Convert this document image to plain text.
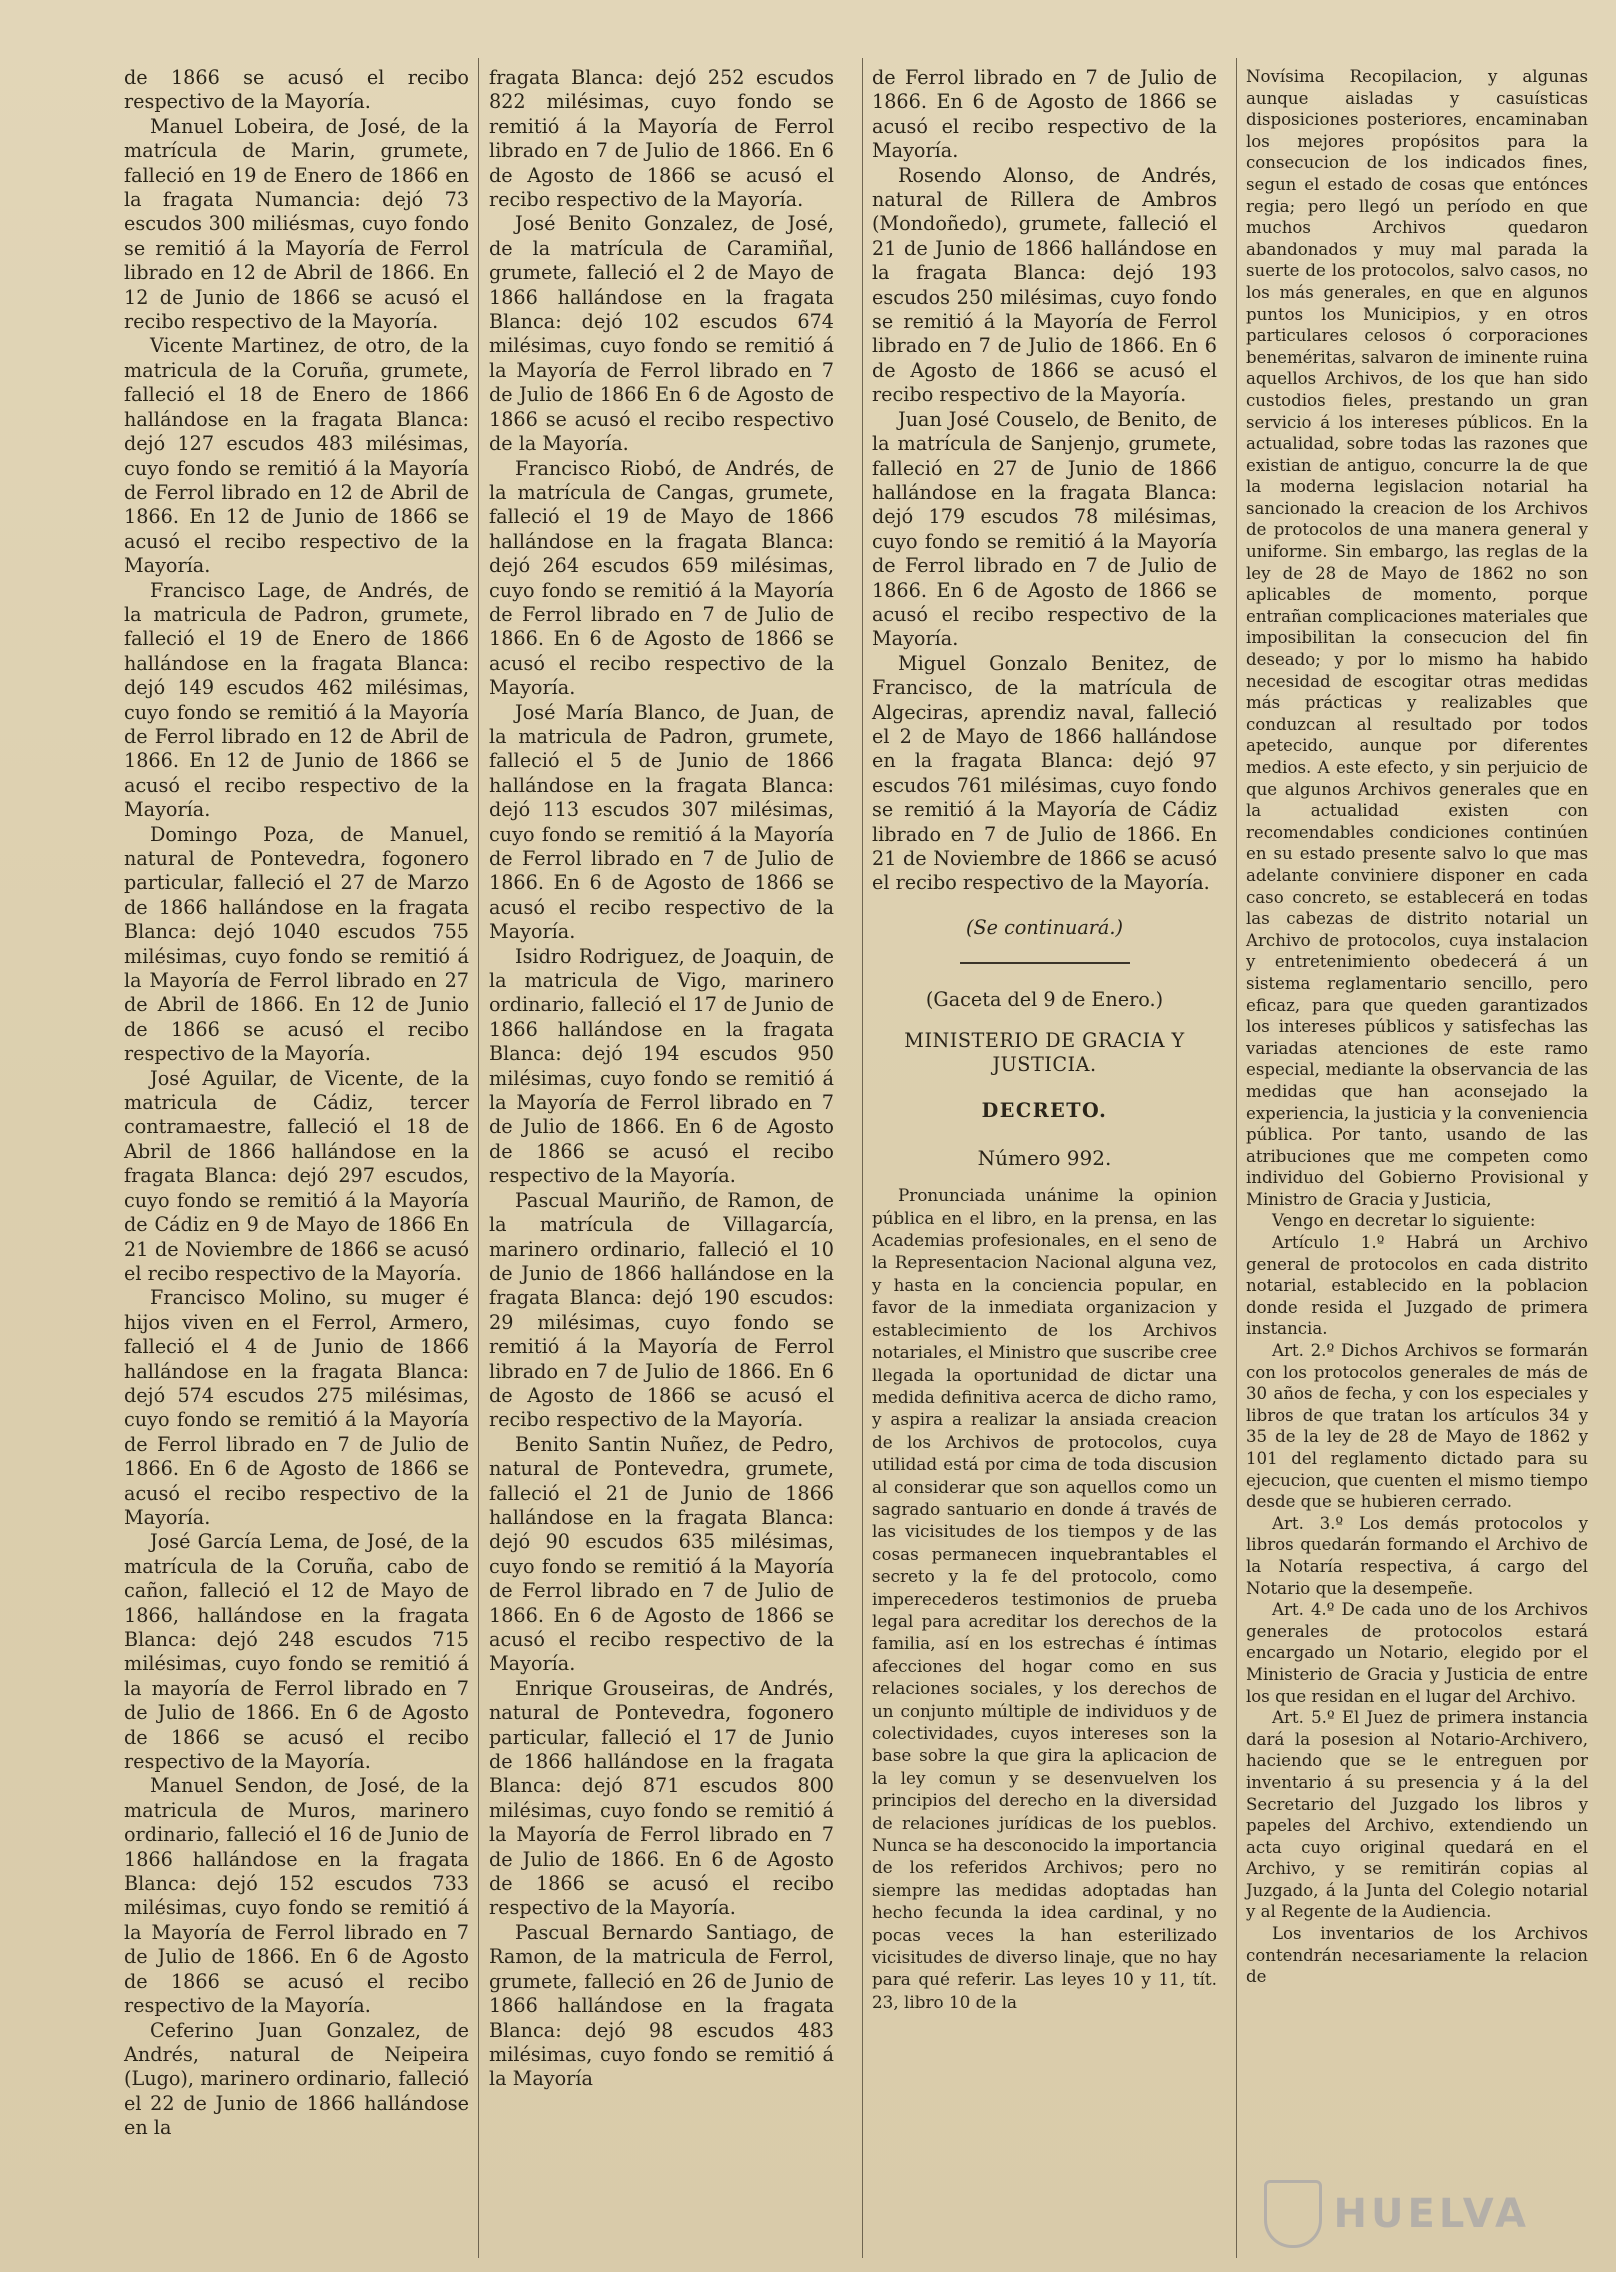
de 1866 se acusó el recibo respectivo de la Mayoría.

Manuel Lobeira, de José, de la matrícula de Marin, grumete, falleció en 19 de Enero de 1866 en la fragata Numancia: dejó 73 escudos 300 miliésmas, cuyo fondo se remitió á la Mayoría de Ferrol librado en 12 de Abril de 1866. En 12 de Junio de 1866 se acusó el recibo respectivo de la Mayoría.

Vicente Martinez, de otro, de la matricula de la Coruña, grumete, falleció el 18 de Enero de 1866 hallándose en la fragata Blanca: dejó 127 escudos 483 milésimas, cuyo fondo se remitió á la Mayoría de Ferrol librado en 12 de Abril de 1866. En 12 de Junio de 1866 se acusó el recibo respectivo de la Mayoría.

Francisco Lage, de Andrés, de la matricula de Padron, grumete, falleció el 19 de Enero de 1866 hallándose en la fragata Blanca: dejó 149 escudos 462 milésimas, cuyo fondo se remitió á la Mayoría de Ferrol librado en 12 de Abril de 1866. En 12 de Junio de 1866 se acusó el recibo respectivo de la Mayoría.

Domingo Poza, de Manuel, natural de Pontevedra, fogonero particular, falleció el 27 de Marzo de 1866 hallándose en la fragata Blanca: dejó 1040 escudos 755 milésimas, cuyo fondo se remitió á la Mayoría de Ferrol librado en 27 de Abril de 1866. En 12 de Junio de 1866 se acusó el recibo respectivo de la Mayoría.

José Aguilar, de Vicente, de la matricula de Cádiz, tercer contramaestre, falleció el 18 de Abril de 1866 hallándose en la fragata Blanca: dejó 297 escudos, cuyo fondo se remitió á la Mayoría de Cádiz en 9 de Mayo de 1866 En 21 de Noviembre de 1866 se acusó el recibo respectivo de la Mayoría.

Francisco Molino, su muger é hijos viven en el Ferrol, Armero, falleció el 4 de Junio de 1866 hallándose en la fragata Blanca: dejó 574 escudos 275 milésimas, cuyo fondo se remitió á la Mayoría de Ferrol librado en 7 de Julio de 1866. En 6 de Agosto de 1866 se acusó el recibo respectivo de la Mayoría.

José García Lema, de José, de la matrícula de la Coruña, cabo de cañon, falleció el 12 de Mayo de 1866, hallándose en la fragata Blanca: dejó 248 escudos 715 milésimas, cuyo fondo se remitió á la mayoría de Ferrol librado en 7 de Julio de 1866. En 6 de Agosto de 1866 se acusó el recibo respectivo de la Mayoría.

Manuel Sendon, de José, de la matricula de Muros, marinero ordinario, falleció el 16 de Junio de 1866 hallándose en la fragata Blanca: dejó 152 escudos 733 milésimas, cuyo fondo se remitió á la Mayoría de Ferrol librado en 7 de Julio de 1866. En 6 de Agosto de 1866 se acusó el recibo respectivo de la Mayoría.

Ceferino Juan Gonzalez, de Andrés, natural de Neipeira (Lugo), marinero ordinario, falleció el 22 de Junio de 1866 hallándose en la

fragata Blanca: dejó 252 escudos 822 milésimas, cuyo fondo se remitió á la Mayoría de Ferrol librado en 7 de Julio de 1866. En 6 de Agosto de 1866 se acusó el recibo respectivo de la Mayoría.

José Benito Gonzalez, de José, de la matrícula de Caramiñal, grumete, falleció el 2 de Mayo de 1866 hallándose en la fragata Blanca: dejó 102 escudos 674 milésimas, cuyo fondo se remitió á la Mayoría de Ferrol librado en 7 de Julio de 1866 En 6 de Agosto de 1866 se acusó el recibo respectivo de la Mayoría.

Francisco Riobó, de Andrés, de la matrícula de Cangas, grumete, falleció el 19 de Mayo de 1866 hallándose en la fragata Blanca: dejó 264 escudos 659 milésimas, cuyo fondo se remitió á la Mayoría de Ferrol librado en 7 de Julio de 1866. En 6 de Agosto de 1866 se acusó el recibo respectivo de la Mayoría.

José María Blanco, de Juan, de la matricula de Padron, grumete, falleció el 5 de Junio de 1866 hallándose en la fragata Blanca: dejó 113 escudos 307 milésimas, cuyo fondo se remitió á la Mayoría de Ferrol librado en 7 de Julio de 1866. En 6 de Agosto de 1866 se acusó el recibo respectivo de la Mayoría.

Isidro Rodriguez, de Joaquin, de la matricula de Vigo, marinero ordinario, falleció el 17 de Junio de 1866 hallándose en la fragata Blanca: dejó 194 escudos 950 milésimas, cuyo fondo se remitió á la Mayoría de Ferrol librado en 7 de Julio de 1866. En 6 de Agosto de 1866 se acusó el recibo respectivo de la Mayoría.

Pascual Mauriño, de Ramon, de la matrícula de Villagarcía, marinero ordinario, falleció el 10 de Junio de 1866 hallándose en la fragata Blanca: dejó 190 escudos: 29 milésimas, cuyo fondo se remitió á la Mayoría de Ferrol librado en 7 de Julio de 1866. En 6 de Agosto de 1866 se acusó el recibo respectivo de la Mayoría.

Benito Santin Nuñez, de Pedro, natural de Pontevedra, grumete, falleció el 21 de Junio de 1866 hallándose en la fragata Blanca: dejó 90 escudos 635 milésimas, cuyo fondo se remitió á la Mayoría de Ferrol librado en 7 de Julio de 1866. En 6 de Agosto de 1866 se acusó el recibo respectivo de la Mayoría.

Enrique Grouseiras, de Andrés, natural de Pontevedra, fogonero particular, falleció el 17 de Junio de 1866 hallándose en la fragata Blanca: dejó 871 escudos 800 milésimas, cuyo fondo se remitió á la Mayoría de Ferrol librado en 7 de Julio de 1866. En 6 de Agosto de 1866 se acusó el recibo respectivo de la Mayoría.

Pascual Bernardo Santiago, de Ramon, de la matricula de Ferrol, grumete, falleció en 26 de Junio de 1866 hallándose en la fragata Blanca: dejó 98 escudos 483 milésimas, cuyo fondo se remitió á la Mayoría

de Ferrol librado en 7 de Julio de 1866. En 6 de Agosto de 1866 se acusó el recibo respectivo de la Mayoría.

Rosendo Alonso, de Andrés, natural de Rillera de Ambros (Mondoñedo), grumete, falleció el 21 de Junio de 1866 hallándose en la fragata Blanca: dejó 193 escudos 250 milésimas, cuyo fondo se remitió á la Mayoría de Ferrol librado en 7 de Julio de 1866. En 6 de Agosto de 1866 se acusó el recibo respectivo de la Mayoría.

Juan José Couselo, de Benito, de la matrícula de Sanjenjo, grumete, falleció en 27 de Junio de 1866 hallándose en la fragata Blanca: dejó 179 escudos 78 milésimas, cuyo fondo se remitió á la Mayoría de Ferrol librado en 7 de Julio de 1866. En 6 de Agosto de 1866 se acusó el recibo respectivo de la Mayoría.

Miguel Gonzalo Benitez, de Francisco, de la matrícula de Algeciras, aprendiz naval, falleció el 2 de Mayo de 1866 hallándose en la fragata Blanca: dejó 97 escudos 761 milésimas, cuyo fondo se remitió á la Mayoría de Cádiz librado en 7 de Julio de 1866. En 21 de Noviembre de 1866 se acusó el recibo respectivo de la Mayoría.

(Se continuará.)

(Gaceta del 9 de Enero.)

MINISTERIO DE GRACIA Y JUSTICIA.

DECRETO.

Número 992.

Pronunciada unánime la opinion pública en el libro, en la prensa, en las Academias profesionales, en el seno de la Representacion Nacional alguna vez, y hasta en la conciencia popular, en favor de la inmediata organizacion y establecimiento de los Archivos notariales, el Ministro que suscribe cree llegada la oportunidad de dictar una medida definitiva acerca de dicho ramo, y aspira a realizar la ansiada creacion de los Archivos de protocolos, cuya utilidad está por cima de toda discusion al considerar que son aquellos como un sagrado santuario en donde á través de las vicisitudes de los tiempos y de las cosas permanecen inquebrantables el secreto y la fe del protocolo, como imperecederos testimonios de prueba legal para acreditar los derechos de la familia, así en los estrechas é íntimas afecciones del hogar como en sus relaciones sociales, y los derechos de un conjunto múltiple de individuos y de colectividades, cuyos intereses son la base sobre la que gira la aplicacion de la ley comun y se desenvuelven los principios del derecho en la diversidad de relaciones jurídicas de los pueblos. Nunca se ha desconocido la importancia de los referidos Archivos; pero no siempre las medidas adoptadas han hecho fecunda la idea cardinal, y no pocas veces la han esterilizado vicisitudes de diverso linaje, que no hay para qué referir. Las leyes 10 y 11, tít. 23, libro 10 de la

Novísima Recopilacion, y algunas aunque aisladas y casuísticas disposiciones posteriores, encaminaban los mejores propósitos para la consecucion de los indicados fines, segun el estado de cosas que entónces regia; pero llegó un período en que muchos Archivos quedaron abandonados y muy mal parada la suerte de los protocolos, salvo casos, no los más generales, en que en algunos puntos los Municipios, y en otros particulares celosos ó corporaciones beneméritas, salvaron de iminente ruina aquellos Archivos, de los que han sido custodios fieles, prestando un gran servicio á los intereses públicos. En la actualidad, sobre todas las razones que existian de antiguo, concurre la de que la moderna legislacion notarial ha sancionado la creacion de los Archivos de protocolos de una manera general y uniforme. Sin embargo, las reglas de la ley de 28 de Mayo de 1862 no son aplicables de momento, porque entrañan complicaciones materiales que imposibilitan la consecucion del fin deseado; y por lo mismo ha habido necesidad de escogitar otras medidas más prácticas y realizables que conduzcan al resultado por todos apetecido, aunque por diferentes medios. A este efecto, y sin perjuicio de que algunos Archivos generales que en la actualidad existen con recomendables condiciones continúen en su estado presente salvo lo que mas adelante conviniere disponer en cada caso concreto, se establecerá en todas las cabezas de distrito notarial un Archivo de protocolos, cuya instalacion y entretenimiento obedecerá á un sistema reglamentario sencillo, pero eficaz, para que queden garantizados los intereses públicos y satisfechas las variadas atenciones de este ramo especial, mediante la observancia de las medidas que han aconsejado la experiencia, la justicia y la conveniencia pública. Por tanto, usando de las atribuciones que me competen como individuo del Gobierno Provisional y Ministro de Gracia y Justicia,

Vengo en decretar lo siguiente:

Artículo 1.º Habrá un Archivo general de protocolos en cada distrito notarial, establecido en la poblacion donde resida el Juzgado de primera instancia.

Art. 2.º Dichos Archivos se formarán con los protocolos generales de más de 30 años de fecha, y con los especiales y libros de que tratan los artículos 34 y 35 de la ley de 28 de Mayo de 1862 y 101 del reglamento dictado para su ejecucion, que cuenten el mismo tiempo desde que se hubieren cerrado.

Art. 3.º Los demás protocolos y libros quedarán formando el Archivo de la Notaría respectiva, á cargo del Notario que la desempeñe.

Art. 4.º De cada uno de los Archivos generales de protocolos estará encargado un Notario, elegido por el Ministerio de Gracia y Justicia de entre los que residan en el lugar del Archivo.

Art. 5.º El Juez de primera instancia dará la posesion al Notario-Archivero, haciendo que se le entreguen por inventario á su presencia y á la del Secretario del Juzgado los libros y papeles del Archivo, extendiendo un acta cuyo original quedará en el Archivo, y se remitirán copias al Juzgado, á la Junta del Colegio notarial y al Regente de la Audiencia.

Los inventarios de los Archivos contendrán necesariamente la relacion de

HUELVA
